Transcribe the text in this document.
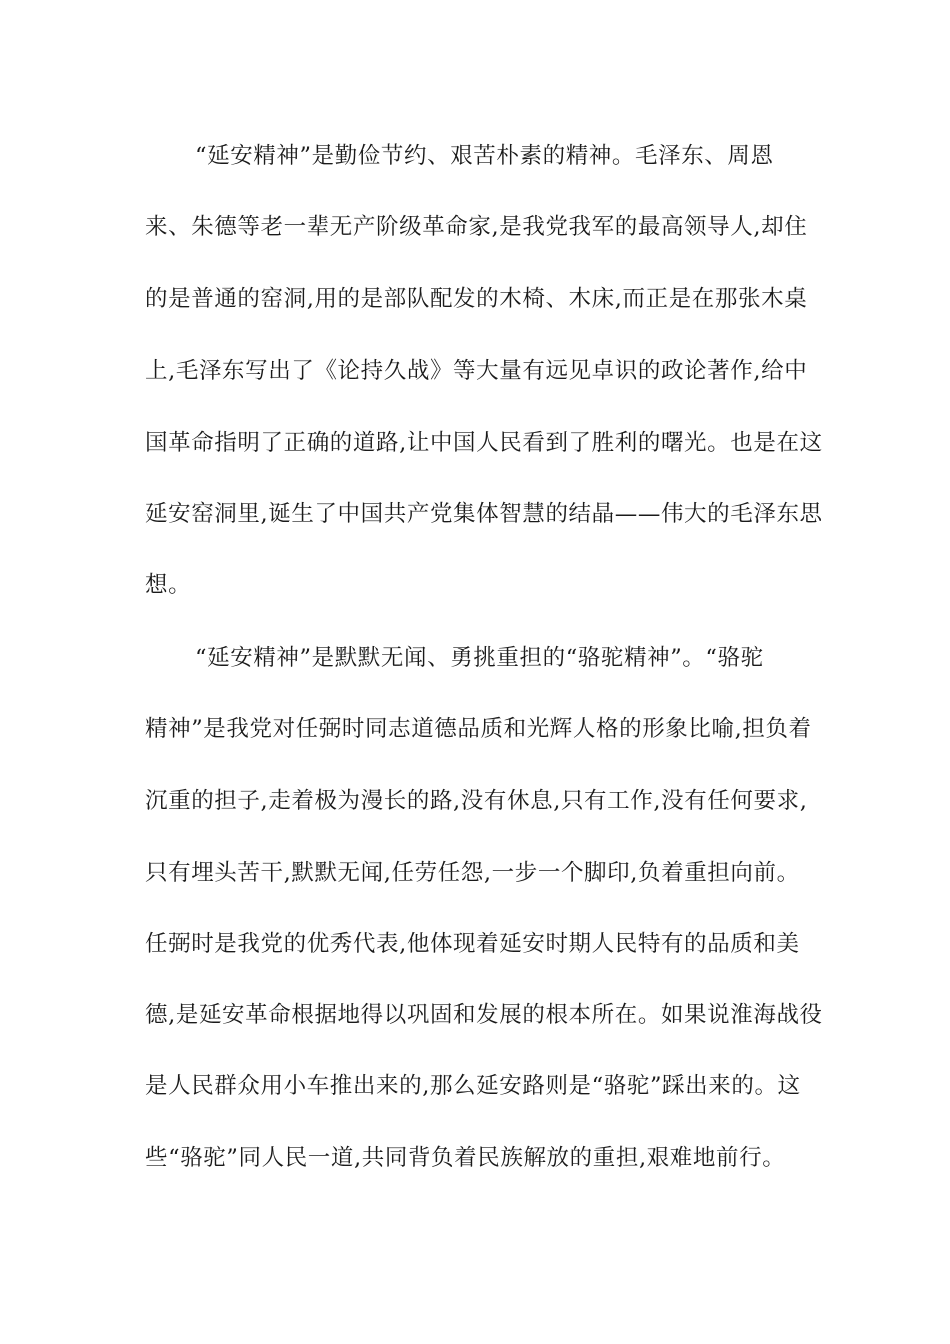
“延安精神”是勤俭节约、艰苦朴素的精神。毛泽东、周恩
来、朱德等老一辈无产阶级革命家,是我党我军的最高领导人,却住
的是普通的窑洞,用的是部队配发的木椅、木床,而正是在那张木桌
上,毛泽东写出了《论持久战》等大量有远见卓识的政论著作,给中
国革命指明了正确的道路,让中国人民看到了胜利的曙光。也是在这
延安窑洞里,诞生了中国共产党集体智慧的结晶——伟大的毛泽东思
想。
“延安精神”是默默无闻、勇挑重担的“骆驼精神”。“骆驼
精神”是我党对任弼时同志道德品质和光辉人格的形象比喻,担负着
沉重的担子,走着极为漫长的路,没有休息,只有工作,没有任何要求,
只有埋头苦干,默默无闻,任劳任怨,一步一个脚印,负着重担向前。
任弼时是我党的优秀代表,他体现着延安时期人民特有的品质和美
德,是延安革命根据地得以巩固和发展的根本所在。如果说淮海战役
是人民群众用小车推出来的,那么延安路则是“骆驼”踩出来的。这
些“骆驼”同人民一道,共同背负着民族解放的重担,艰难地前行。
